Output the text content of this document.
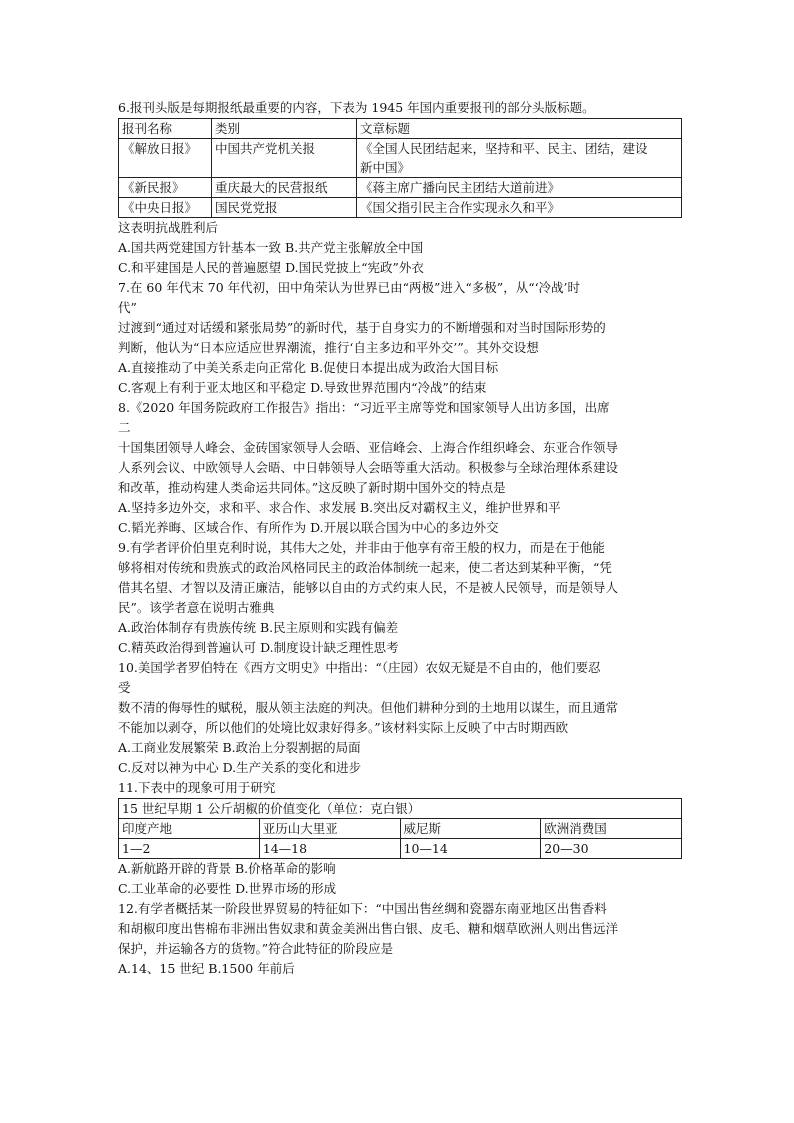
6.报刊头版是每期报纸最重要的内容，下表为 1945 年国内重要报刊的部分头版标题。
报刊名称	类别	文章标题
《解放日报》	中国共产党机关报	《全国人民团结起来，坚持和平、民主、团结，建设
新中国》

《新民报》	重庆最大的民营报纸	《蒋主席广播向民主团结大道前进》
《中央日报》	国民党党报	《国父指引民主合作实现永久和平》
这表明抗战胜利后
A.国共两党建国方针基本一致 B.共产党主张解放全中国
C.和平建国是人民的普遍愿望 D.国民党披上“宪政”外衣
7.在 60 年代末 70 年代初，田中角荣认为世界已由“两极”进入“多极”，从“‘冷战’时
代”
过渡到“通过对话缓和紧张局势”的新时代，基于自身实力的不断增强和对当时国际形势的
判断，他认为“日本应适应世界潮流，推行‘自主多边和平外交’”。其外交设想
A.直接推动了中美关系走向正常化 B.促使日本提出成为政治大国目标
C.客观上有利于亚太地区和平稳定 D.导致世界范围内“冷战”的结束
8.《2020 年国务院政府工作报告》指出：“习近平主席等党和国家领导人出访多国，出席
二
十国集团领导人峰会、金砖国家领导人会晤、亚信峰会、上海合作组织峰会、东亚合作领导
人系列会议、中欧领导人会晤、中日韩领导人会晤等重大活动。积极参与全球治理体系建设
和改革，推动构建人类命运共同体。”这反映了新时期中国外交的特点是
A.坚持多边外交，求和平、求合作、求发展 B.突出反对霸权主义，维护世界和平
C.韬光养晦、区域合作、有所作为 D.开展以联合国为中心的多边外交
9.有学者评价伯里克利时说，其伟大之处，并非由于他享有帝王般的权力，而是在于他能
够将相对传统和贵族式的政治风格同民主的政治体制统一起来，使二者达到某种平衡，“凭
借其名望、才智以及清正廉洁，能够以自由的方式约束人民，不是被人民领导，而是领导人
民”。该学者意在说明古雅典
A.政治体制存有贵族传统 B.民主原则和实践有偏差
C.精英政治得到普遍认可 D.制度设计缺乏理性思考
10.美国学者罗伯特在《西方文明史》中指出：“（庄园）农奴无疑是不自由的，他们要忍
受
数不清的侮辱性的赋税，服从领主法庭的判决。但他们耕种分到的土地用以谋生，而且通常
不能加以剥夺，所以他们的处境比奴隶好得多。”该材料实际上反映了中古时期西欧
A.工商业发展繁荣 B.政治上分裂割据的局面
C.反对以神为中心 D.生产关系的变化和进步
11.下表中的现象可用于研究
15 世纪早期 1 公斤胡椒的价值变化（单位：克白银）			
印度产地	亚历山大里亚	威尼斯	欧洲消费国
1—2	14—18	10—14	20—30
A.新航路开辟的背景 B.价格革命的影响
C.工业革命的必要性 D.世界市场的形成
12.有学者概括某一阶段世界贸易的特征如下：“中国出售丝绸和瓷器东南亚地区出售香料
和胡椒印度出售棉布非洲出售奴隶和黄金美洲出售白银、皮毛、糖和烟草欧洲人则出售远洋
保护，并运输各方的货物。”符合此特征的阶段应是
A.14、15 世纪 B.1500 年前后
